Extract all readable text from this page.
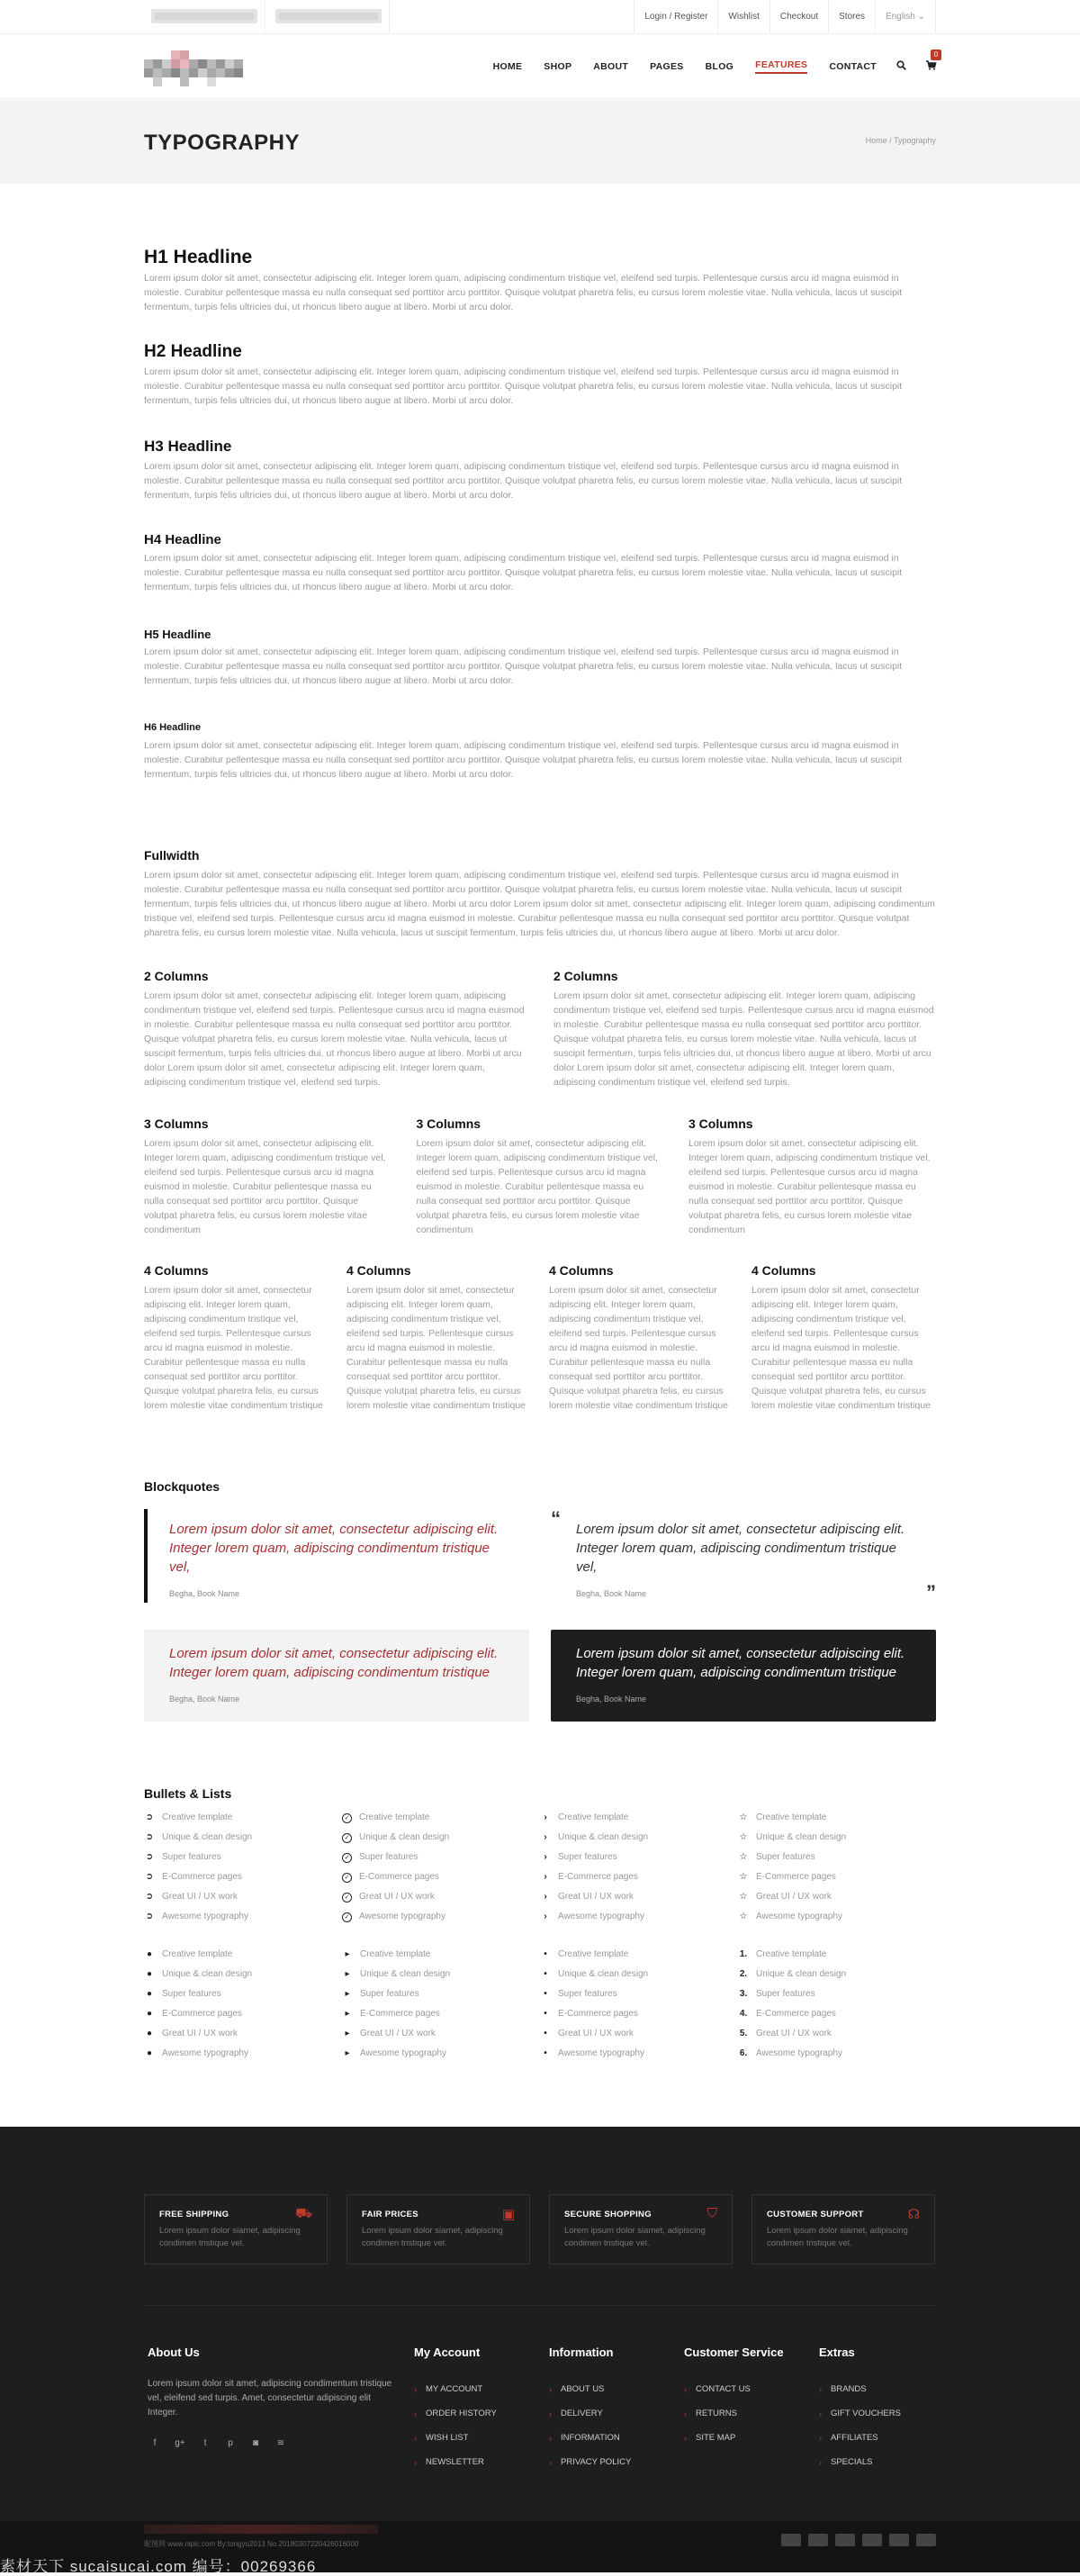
Login / Register	Wishlist	Checkout	Stores	English ⌄
HOME SHOP ABOUT PAGES BLOG FEATURES CONTACT
0
TYPOGRAPHY	Home / Typography
H1 Headline

Lorem ipsum dolor sit amet, consectetur adipiscing elit. Integer lorem quam, adipiscing condimentum tristique vel, eleifend sed turpis. Pellentesque cursus arcu id magna euismod in molestie. Curabitur pellentesque massa eu nulla consequat sed porttitor arcu porttitor. Quisque volutpat pharetra felis, eu cursus lorem molestie vitae. Nulla vehicula, lacus ut suscipit fermentum, turpis felis ultricies dui, ut rhoncus libero augue at libero. Morbi ut arcu dolor.

H2 Headline

Lorem ipsum dolor sit amet, consectetur adipiscing elit. Integer lorem quam, adipiscing condimentum tristique vel, eleifend sed turpis. Pellentesque cursus arcu id magna euismod in molestie. Curabitur pellentesque massa eu nulla consequat sed porttitor arcu porttitor. Quisque volutpat pharetra felis, eu cursus lorem molestie vitae. Nulla vehicula, lacus ut suscipit fermentum, turpis felis ultricies dui, ut rhoncus libero augue at libero. Morbi ut arcu dolor.

H3 Headline

Lorem ipsum dolor sit amet, consectetur adipiscing elit. Integer lorem quam, adipiscing condimentum tristique vel, eleifend sed turpis. Pellentesque cursus arcu id magna euismod in molestie. Curabitur pellentesque massa eu nulla consequat sed porttitor arcu porttitor. Quisque volutpat pharetra felis, eu cursus lorem molestie vitae. Nulla vehicula, lacus ut suscipit fermentum, turpis felis ultricies dui, ut rhoncus libero augue at libero. Morbi ut arcu dolor.

H4 Headline

Lorem ipsum dolor sit amet, consectetur adipiscing elit. Integer lorem quam, adipiscing condimentum tristique vel, eleifend sed turpis. Pellentesque cursus arcu id magna euismod in molestie. Curabitur pellentesque massa eu nulla consequat sed porttitor arcu porttitor. Quisque volutpat pharetra felis, eu cursus lorem molestie vitae. Nulla vehicula, lacus ut suscipit fermentum, turpis felis ultricies dui, ut rhoncus libero augue at libero. Morbi ut arcu dolor.

H5 Headline

Lorem ipsum dolor sit amet, consectetur adipiscing elit. Integer lorem quam, adipiscing condimentum tristique vel, eleifend sed turpis. Pellentesque cursus arcu id magna euismod in molestie. Curabitur pellentesque massa eu nulla consequat sed porttitor arcu porttitor. Quisque volutpat pharetra felis, eu cursus lorem molestie vitae. Nulla vehicula, lacus ut suscipit fermentum, turpis felis ultricies dui, ut rhoncus libero augue at libero. Morbi ut arcu dolor.

H6 Headline

Lorem ipsum dolor sit amet, consectetur adipiscing elit. Integer lorem quam, adipiscing condimentum tristique vel, eleifend sed turpis. Pellentesque cursus arcu id magna euismod in molestie. Curabitur pellentesque massa eu nulla consequat sed porttitor arcu porttitor. Quisque volutpat pharetra felis, eu cursus lorem molestie vitae. Nulla vehicula, lacus ut suscipit fermentum, turpis felis ultricies dui, ut rhoncus libero augue at libero. Morbi ut arcu dolor.

Fullwidth

Lorem ipsum dolor sit amet, consectetur adipiscing elit. Integer lorem quam, adipiscing condimentum tristique vel, eleifend sed turpis. Pellentesque cursus arcu id magna euismod in molestie. Curabitur pellentesque massa eu nulla consequat sed porttitor arcu porttitor. Quisque volutpat pharetra felis, eu cursus lorem molestie vitae. Nulla vehicula, lacus ut suscipit fermentum, turpis felis ultricies dui, ut rhoncus libero augue at libero. Morbi ut arcu dolor Lorem ipsum dolor sit amet, consectetur adipiscing elit. Integer lorem quam, adipiscing condimentum tristique vel, eleifend sed turpis. Pellentesque cursus arcu id magna euismod in molestie. Curabitur pellentesque massa eu nulla consequat sed porttitor arcu porttitor. Quisque volutpat pharetra felis, eu cursus lorem molestie vitae. Nulla vehicula, lacus ut suscipit fermentum, turpis felis ultricies dui, ut rhoncus libero augue at libero. Morbi ut arcu dolor.

2 Columns

Lorem ipsum dolor sit amet, consectetur adipiscing elit. Integer lorem quam, adipiscing condimentum tristique vel, eleifend sed turpis. Pellentesque cursus arcu id magna euismod in molestie. Curabitur pellentesque massa eu nulla consequat sed porttitor arcu porttitor. Quisque volutpat pharetra felis, eu cursus lorem molestie vitae. Nulla vehicula, lacus ut suscipit fermentum, turpis felis ultricies dui, ut rhoncus libero augue at libero. Morbi ut arcu dolor Lorem ipsum dolor sit amet, consectetur adipiscing elit. Integer lorem quam, adipiscing condimentum tristique vel, eleifend sed turpis.

2 Columns

Lorem ipsum dolor sit amet, consectetur adipiscing elit. Integer lorem quam, adipiscing condimentum tristique vel, eleifend sed turpis. Pellentesque cursus arcu id magna euismod in molestie. Curabitur pellentesque massa eu nulla consequat sed porttitor arcu porttitor. Quisque volutpat pharetra felis, eu cursus lorem molestie vitae. Nulla vehicula, lacus ut suscipit fermentum, turpis felis ultricies dui, ut rhoncus libero augue at libero. Morbi ut arcu dolor Lorem ipsum dolor sit amet, consectetur adipiscing elit. Integer lorem quam, adipiscing condimentum tristique vel, eleifend sed turpis.

3 Columns

Lorem ipsum dolor sit amet, consectetur adipiscing elit. Integer lorem quam, adipiscing condimentum tristique vel, eleifend sed turpis. Pellentesque cursus arcu id magna euismod in molestie. Curabitur pellentesque massa eu nulla consequat sed porttitor arcu porttitor. Quisque volutpat pharetra felis, eu cursus lorem molestie vitae condimentum

3 Columns

Lorem ipsum dolor sit amet, consectetur adipiscing elit. Integer lorem quam, adipiscing condimentum tristique vel, eleifend sed turpis. Pellentesque cursus arcu id magna euismod in molestie. Curabitur pellentesque massa eu nulla consequat sed porttitor arcu porttitor. Quisque volutpat pharetra felis, eu cursus lorem molestie vitae condimentum

3 Columns

Lorem ipsum dolor sit amet, consectetur adipiscing elit. Integer lorem quam, adipiscing condimentum tristique vel, eleifend sed turpis. Pellentesque cursus arcu id magna euismod in molestie. Curabitur pellentesque massa eu nulla consequat sed porttitor arcu porttitor. Quisque volutpat pharetra felis, eu cursus lorem molestie vitae condimentum

4 Columns

Lorem ipsum dolor sit amet, consectetur adipiscing elit. Integer lorem quam, adipiscing condimentum tristique vel, eleifend sed turpis. Pellentesque cursus arcu id magna euismod in molestie. Curabitur pellentesque massa eu nulla consequat sed porttitor arcu porttitor. Quisque volutpat pharetra felis, eu cursus lorem molestie vitae condimentum tristique

4 Columns

Lorem ipsum dolor sit amet, consectetur adipiscing elit. Integer lorem quam, adipiscing condimentum tristique vel, eleifend sed turpis. Pellentesque cursus arcu id magna euismod in molestie. Curabitur pellentesque massa eu nulla consequat sed porttitor arcu porttitor. Quisque volutpat pharetra felis, eu cursus lorem molestie vitae condimentum tristique

4 Columns

Lorem ipsum dolor sit amet, consectetur adipiscing elit. Integer lorem quam, adipiscing condimentum tristique vel, eleifend sed turpis. Pellentesque cursus arcu id magna euismod in molestie. Curabitur pellentesque massa eu nulla consequat sed porttitor arcu porttitor. Quisque volutpat pharetra felis, eu cursus lorem molestie vitae condimentum tristique

4 Columns

Lorem ipsum dolor sit amet, consectetur adipiscing elit. Integer lorem quam, adipiscing condimentum tristique vel, eleifend sed turpis. Pellentesque cursus arcu id magna euismod in molestie. Curabitur pellentesque massa eu nulla consequat sed porttitor arcu porttitor. Quisque volutpat pharetra felis, eu cursus lorem molestie vitae condimentum tristique

Blockquotes
Lorem ipsum dolor sit amet, consectetur adipiscing elit. Integer lorem quam, adipiscing condimentum tristique vel,
Begha, Book Name
“ Lorem ipsum dolor sit amet, consectetur adipiscing elit. Integer lorem quam, adipiscing condimentum tristique vel,
Begha, Book Name	”
Lorem ipsum dolor sit amet, consectetur adipiscing elit. Integer lorem quam, adipiscing condimentum tristique
Begha, Book Name
Lorem ipsum dolor sit amet, consectetur adipiscing elit. Integer lorem quam, adipiscing condimentum tristique
Begha, Book Name
Bullets & Lists
➲ Creative template
➲ Unique & clean design
➲ Super features
➲ E-Commerce pages
➲ Great UI / UX work
➲ Awesome typography
✓ Creative template
✓ Unique & clean design
✓ Super features
✓ E-Commerce pages
✓ Great UI / UX work
✓ Awesome typography
›	Creative template
›	Unique & clean design
›	Super features
›	E-Commerce pages
›	Great UI / UX work
›	Awesome typography
☆ Creative template
☆ Unique & clean design
☆ Super features
☆ E-Commerce pages
☆ Great UI / UX work
☆ Awesome typography
● Creative template
● Unique & clean design
● Super features
● E-Commerce pages
● Great UI / UX work
● Awesome typography
▸	Creative template
▸	Unique & clean design
▸	Super features
▸	E-Commerce pages
▸	Great UI / UX work
▸	Awesome typography
•	Creative template
•	Unique & clean design
•	Super features
•	E-Commerce pages
•	Great UI / UX work
•	Awesome typography
1. Creative template
2. Unique & clean design
3. Super features
4. E-Commerce pages
5. Great UI / UX work
6. Awesome typography
⛟
FREE SHIPPING

Lorem ipsum dolor siamet, adipiscing condimen tristique vel.

▣
FAIR PRICES

Lorem ipsum dolor siamet, adipiscing condimen tristique vel.

⛉
SECURE SHOPPING

Lorem ipsum dolor siamet, adipiscing condimen tristique vel.

☊
CUSTOMER SUPPORT

Lorem ipsum dolor siamet, adipiscing condimen tristique vel.

About Us

Lorem ipsum dolor sit amet, adipiscing condimentum tristique vel, eleifend sed turpis. Amet, consectetur adipiscing elit Integer.

f	g+	t	p	◙	≋
My Account
› MY ACCOUNT
› ORDER HISTORY
› WISH LIST
› NEWSLETTER
Information
› ABOUT US
› DELIVERY
› INFORMATION
› PRIVACY POLICY
Customer Service
› CONTACT US
› RETURNS
› SITE MAP
Extras
› BRANDS
› GIFT VOUCHERS
› AFFILIATES
› SPECIALS
昵图网 www.nipic.com By:tongyu2013 No.20180307220426016000
素材天下 sucaisucai.com 编号：00269366
